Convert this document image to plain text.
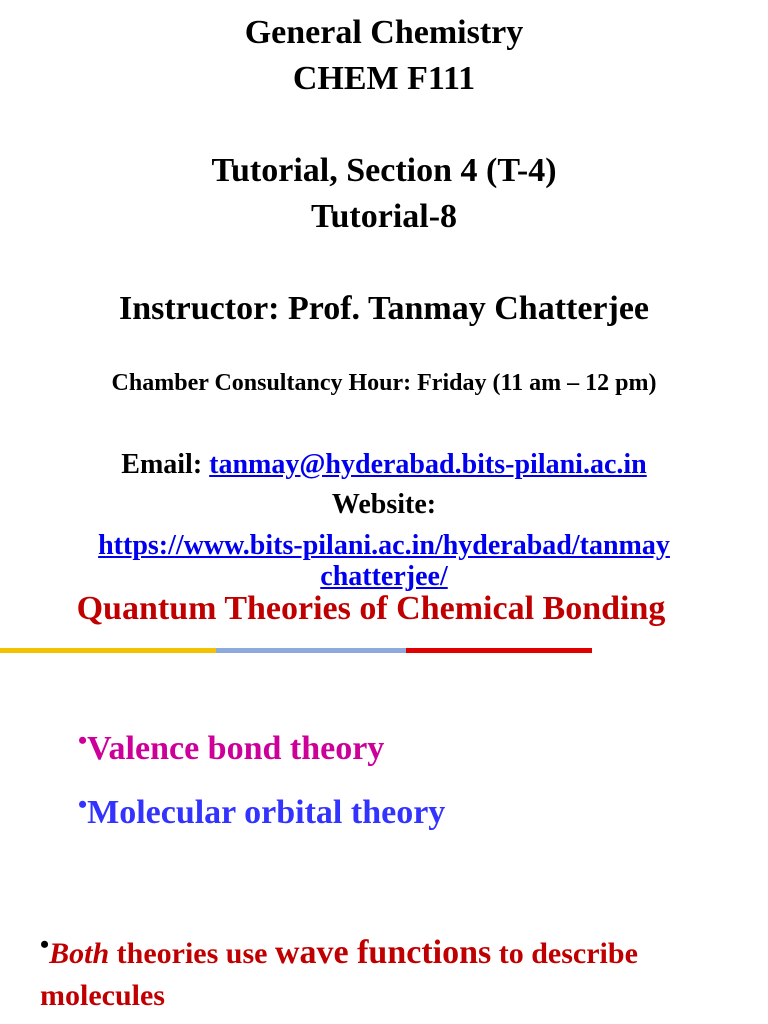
General Chemistry
CHEM F111
Tutorial, Section 4 (T-4)
Tutorial-8
Instructor: Prof. Tanmay Chatterjee
Chamber Consultancy Hour: Friday (11 am – 12 pm)
Email: tanmay@hyderabad.bits-pilani.ac.in
Website:
https://www.bits-pilani.ac.in/hyderabad/tanmay
chatterjee/
Quantum Theories of Chemical Bonding
•Valence bond theory
•Molecular orbital theory
•Both theories use wave functions to describe
molecules
